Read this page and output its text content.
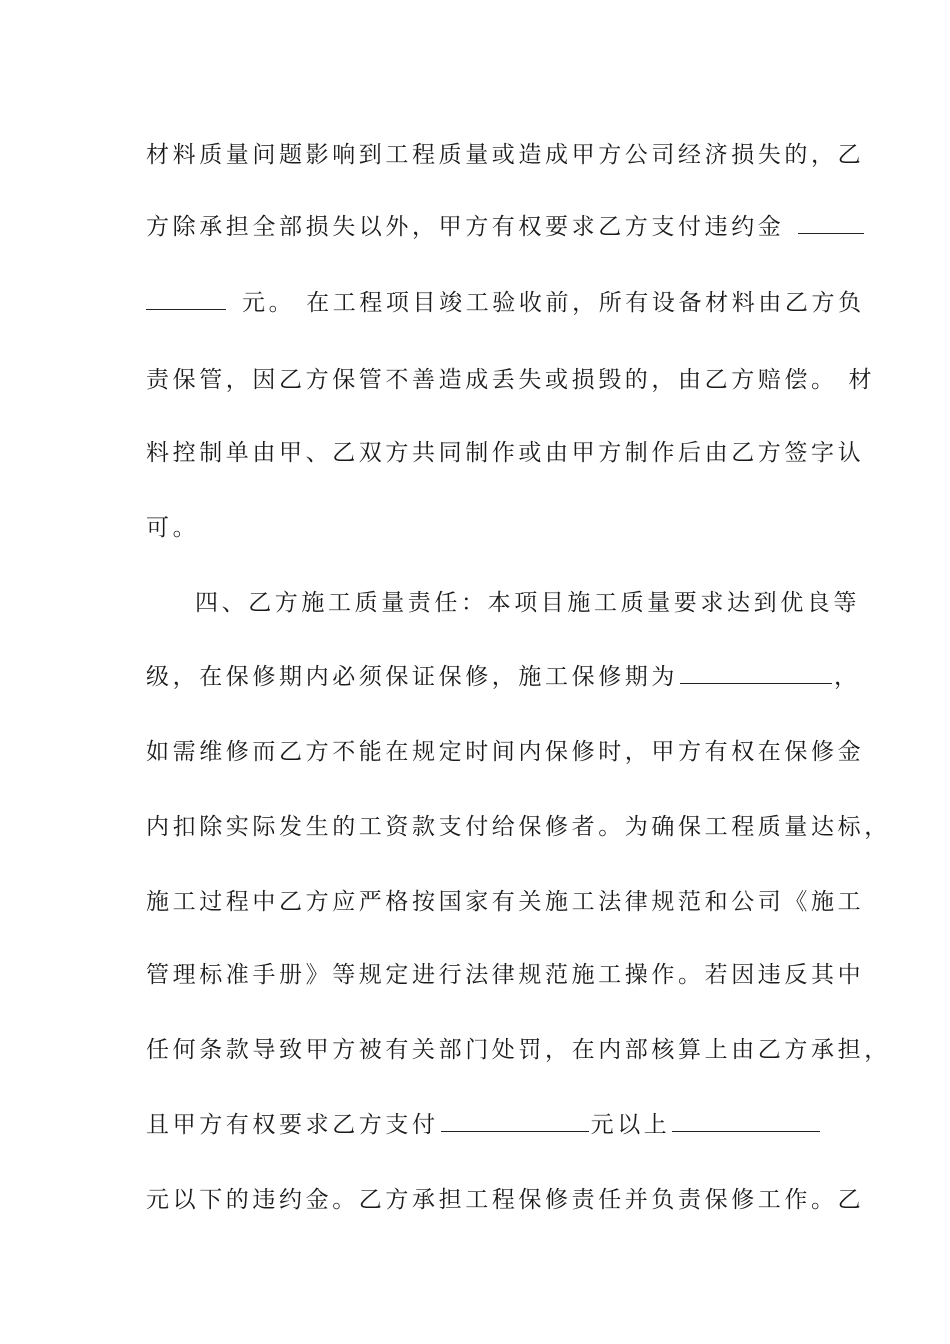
材料质量问题影响到工程质量或造成甲方公司经济损失的，乙
方除承担全部损失以外，甲方有权要求乙方支付违约金
元。 在工程项目竣工验收前，所有设备材料由乙方负
责保管，因乙方保管不善造成丢失或损毁的，由乙方赔偿。 材
料控制单由甲、乙双方共同制作或由甲方制作后由乙方签字认
可。
四、乙方施工质量责任：本项目施工质量要求达到优良等
级，在保修期内必须保证保修，施工保修期为	，
如需维修而乙方不能在规定时间内保修时，甲方有权在保修金
内扣除实际发生的工资款支付给保修者。为确保工程质量达标，
施工过程中乙方应严格按国家有关施工法律规范和公司《施工
管理标准手册》等规定进行法律规范施工操作。若因违反其中
任何条款导致甲方被有关部门处罚，在内部核算上由乙方承担，
且甲方有权要求乙方支付	元以上
元以下的违约金。乙方承担工程保修责任并负责保修工作。乙
